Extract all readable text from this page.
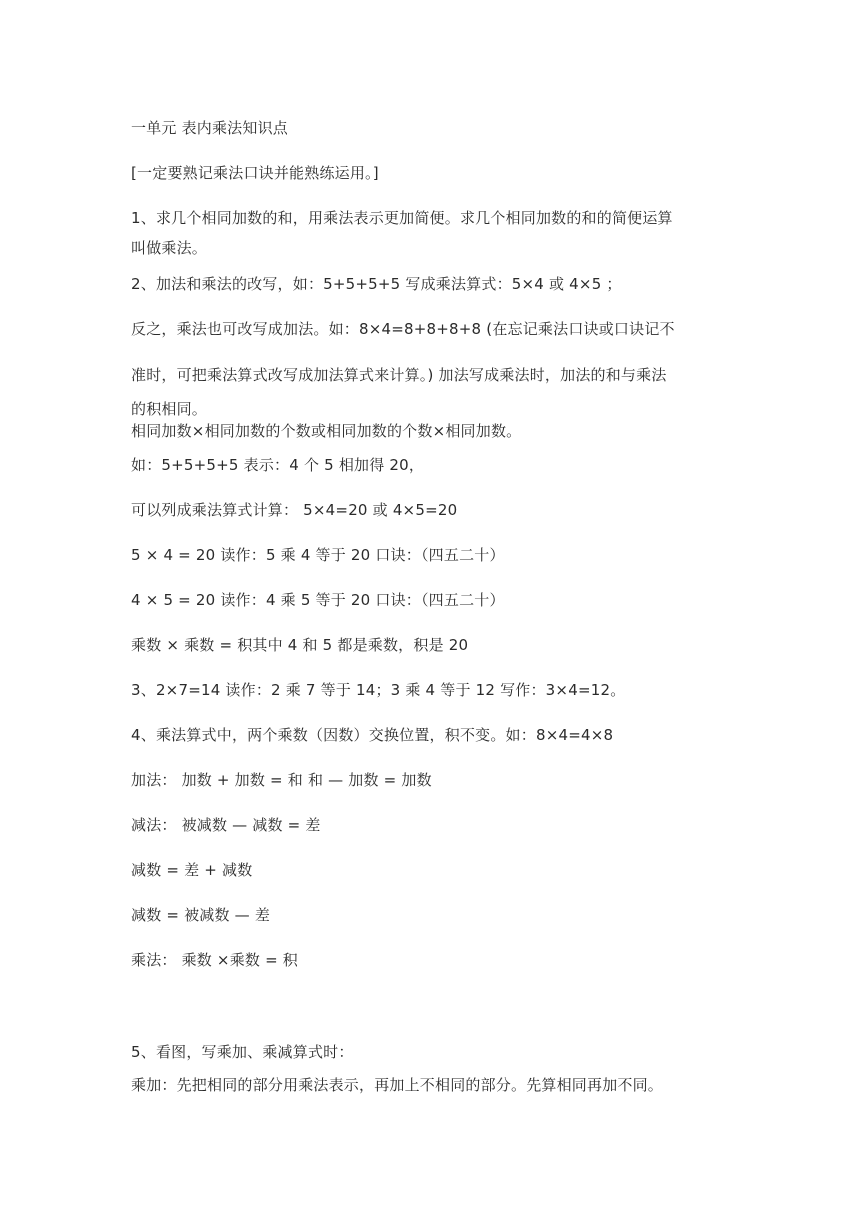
一单元 表内乘法知识点
[一定要熟记乘法口诀并能熟练运用。]
1、求几个相同加数的和，用乘法表示更加简便。求几个相同加数的和的简便运算
叫做乘法。
2、加法和乘法的改写，如：5+5+5+5 写成乘法算式：5×4 或 4×5 ；
反之，乘法也可改写成加法。如：8×4=8+8+8+8 (在忘记乘法口诀或口诀记不
准时，可把乘法算式改写成加法算式来计算。) 加法写成乘法时，加法的和与乘法
的积相同。
相同加数×相同加数的个数或相同加数的个数×相同加数。
如：5+5+5+5 表示：4 个 5 相加得 20，
可以列成乘法算式计算： 5×4=20 或 4×5=20
5 × 4 = 20 读作：5 乘 4 等于 20 口诀：（四五二十）
4 × 5 = 20 读作：4 乘 5 等于 20 口诀：（四五二十）
乘数 × 乘数 = 积其中 4 和 5 都是乘数，积是 20
3、2×7=14 读作：2 乘 7 等于 14；3 乘 4 等于 12 写作：3×4=12。
4、乘法算式中，两个乘数（因数）交换位置，积不变。如：8×4=4×8
加法： 加数 + 加数 = 和 和 — 加数 = 加数
减法： 被减数 — 减数 = 差
减数 = 差 + 减数
减数 = 被减数 — 差
乘法： 乘数 ×乘数 = 积
5、看图，写乘加、乘减算式时：
乘加：先把相同的部分用乘法表示，再加上不相同的部分。先算相同再加不同。
